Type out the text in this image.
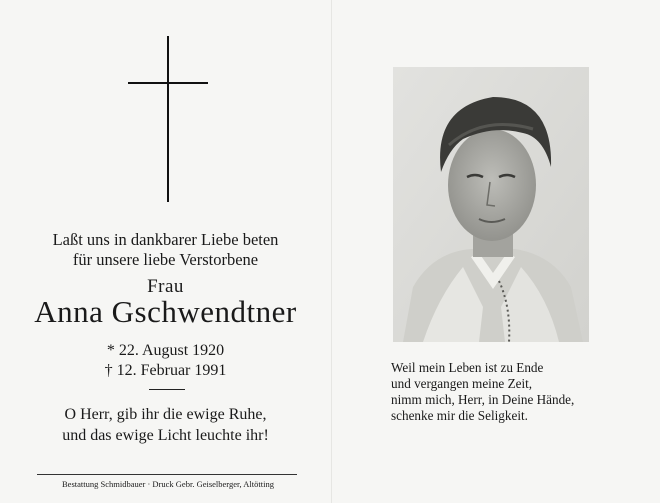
Laßt uns in dankbarer Liebe beten
für unsere liebe Verstorbene
Frau
Anna Gschwendtner
* 22. August 1920
† 12. Februar 1991
O Herr, gib ihr die ewige Ruhe,
und das ewige Licht leuchte ihr!
Bestattung Schmidbauer · Druck Gebr. Geiselberger, Altötting
Weil mein Leben ist zu Ende
und vergangen meine Zeit,
nimm mich, Herr, in Deine Hände,
schenke mir die Seligkeit.
